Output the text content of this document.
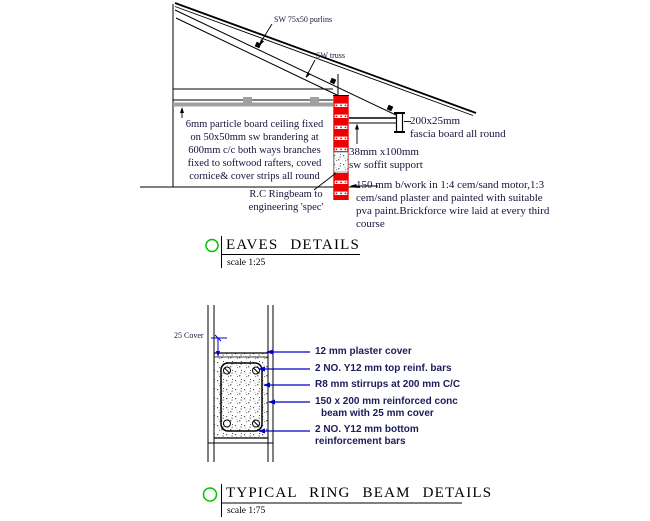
SW 75x50 purlins
SW truss
6mm particle board ceiling fixed
on 50x50mm sw brandering at
600mm c/c both ways branches
fixed to softwood rafters, coved
cornice& cover strips all round
200x25mm
fascia board all round
38mm x100mm
sw soffit support
150 mm b/work in 1:4 cem/sand motor,1:3
cem/sand plaster and painted with suitable
pva paint.Brickforce wire laid at every third
course
R.C Ringbeam to
engineering 'spec'
EAVES DETAILS
scale 1:25
25 Cover
12 mm plaster cover
2 NO. Y12 mm top reinf. bars
R8 mm stirrups at 200 mm C/C
150 x 200 mm reinforced conc
beam with 25 mm cover
2 NO. Y12 mm bottom
reinforcement bars
TYPICAL RING BEAM DETAILS
scale 1:75
